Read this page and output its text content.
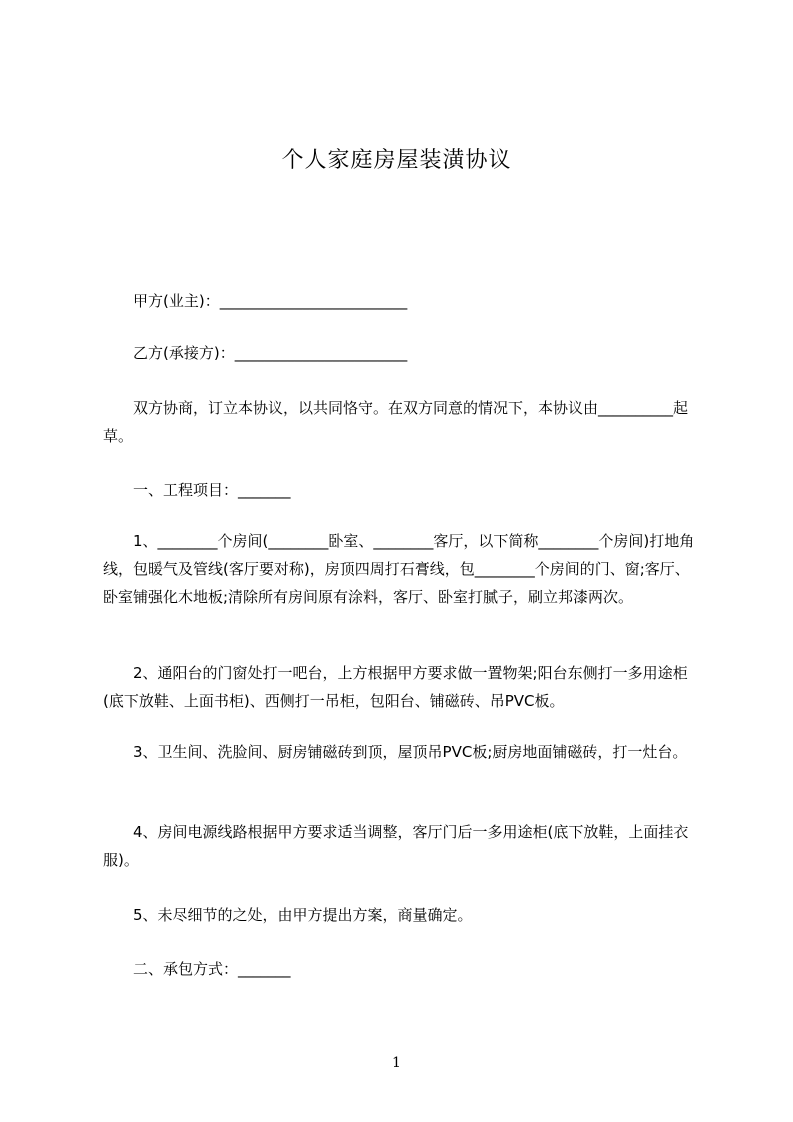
个人家庭房屋装潢协议
　　甲方(业主)：_________________________
　　乙方(承接方)：_______________________
　　双方协商，订立本协议，以共同恪守。在双方同意的情况下，本协议由__________起草。
　　一、工程项目：_______
　　1、________个房间(________卧室、________客厅，以下简称________个房间)打地角线，包暖气及管线(客厅要对称)，房顶四周打石膏线，包________个房间的门、窗;客厅、卧室铺强化木地板;清除所有房间原有涂料，客厅、卧室打腻子，刷立邦漆两次。
　　2、通阳台的门窗处打一吧台，上方根据甲方要求做一置物架;阳台东侧打一多用途柜(底下放鞋、上面书柜)、西侧打一吊柜，包阳台、铺磁砖、吊PVC板。
　　3、卫生间、洗脸间、厨房铺磁砖到顶，屋顶吊PVC板;厨房地面铺磁砖，打一灶台。
　　4、房间电源线路根据甲方要求适当调整，客厅门后一多用途柜(底下放鞋，上面挂衣服)。
　　5、未尽细节的之处，由甲方提出方案，商量确定。
　　二、承包方式：_______
1
